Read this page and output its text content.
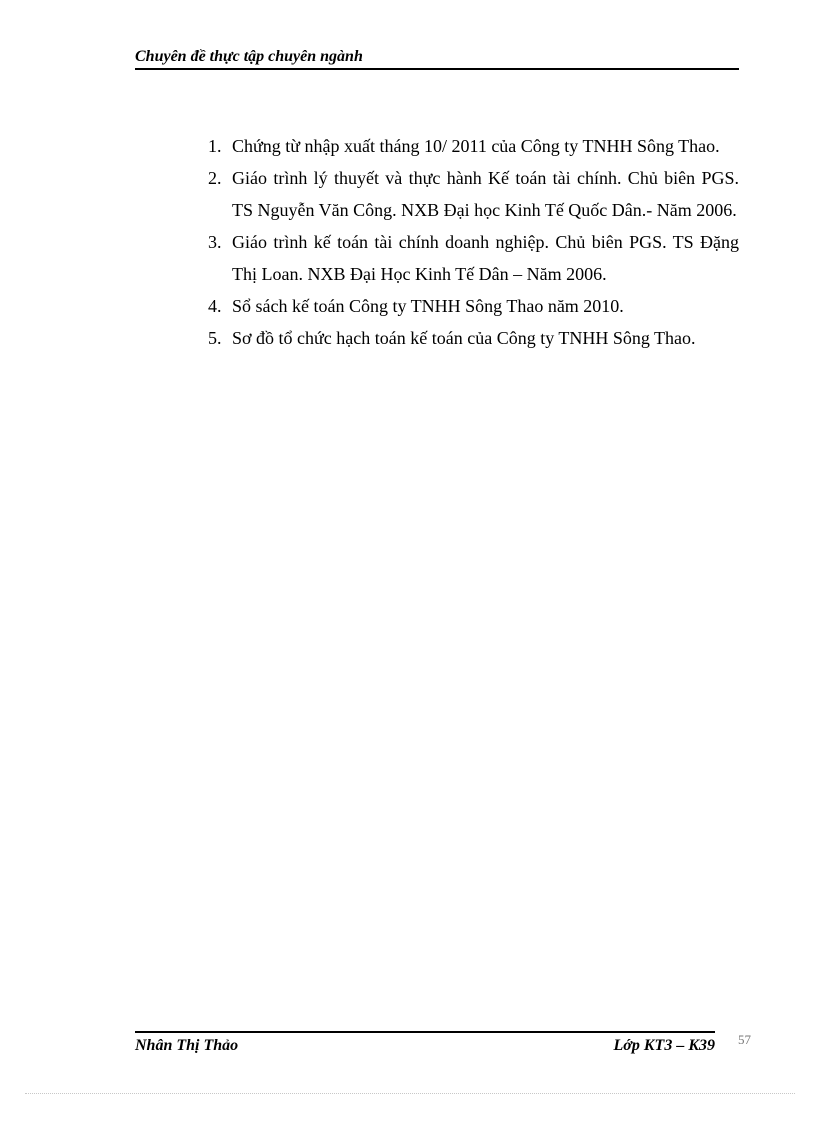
Chuyên đề thực tập chuyên ngành
1. Chứng từ nhập xuất tháng 10/ 2011 của Công ty TNHH Sông Thao.
2. Giáo trình lý thuyết và thực hành Kế toán tài chính. Chủ biên PGS. TS Nguyễn Văn Công. NXB Đại học Kinh Tế Quốc Dân.- Năm 2006.
3. Giáo trình kế toán tài chính doanh nghiệp. Chủ biên PGS. TS Đặng Thị Loan. NXB Đại Học Kinh Tế Dân – Năm 2006.
4. Sổ sách kế toán Công ty TNHH Sông Thao năm 2010.
5. Sơ đồ tổ chức hạch toán kế toán của Công ty TNHH Sông Thao.
Nhân Thị Thảo	Lớp KT3 – K39 57
